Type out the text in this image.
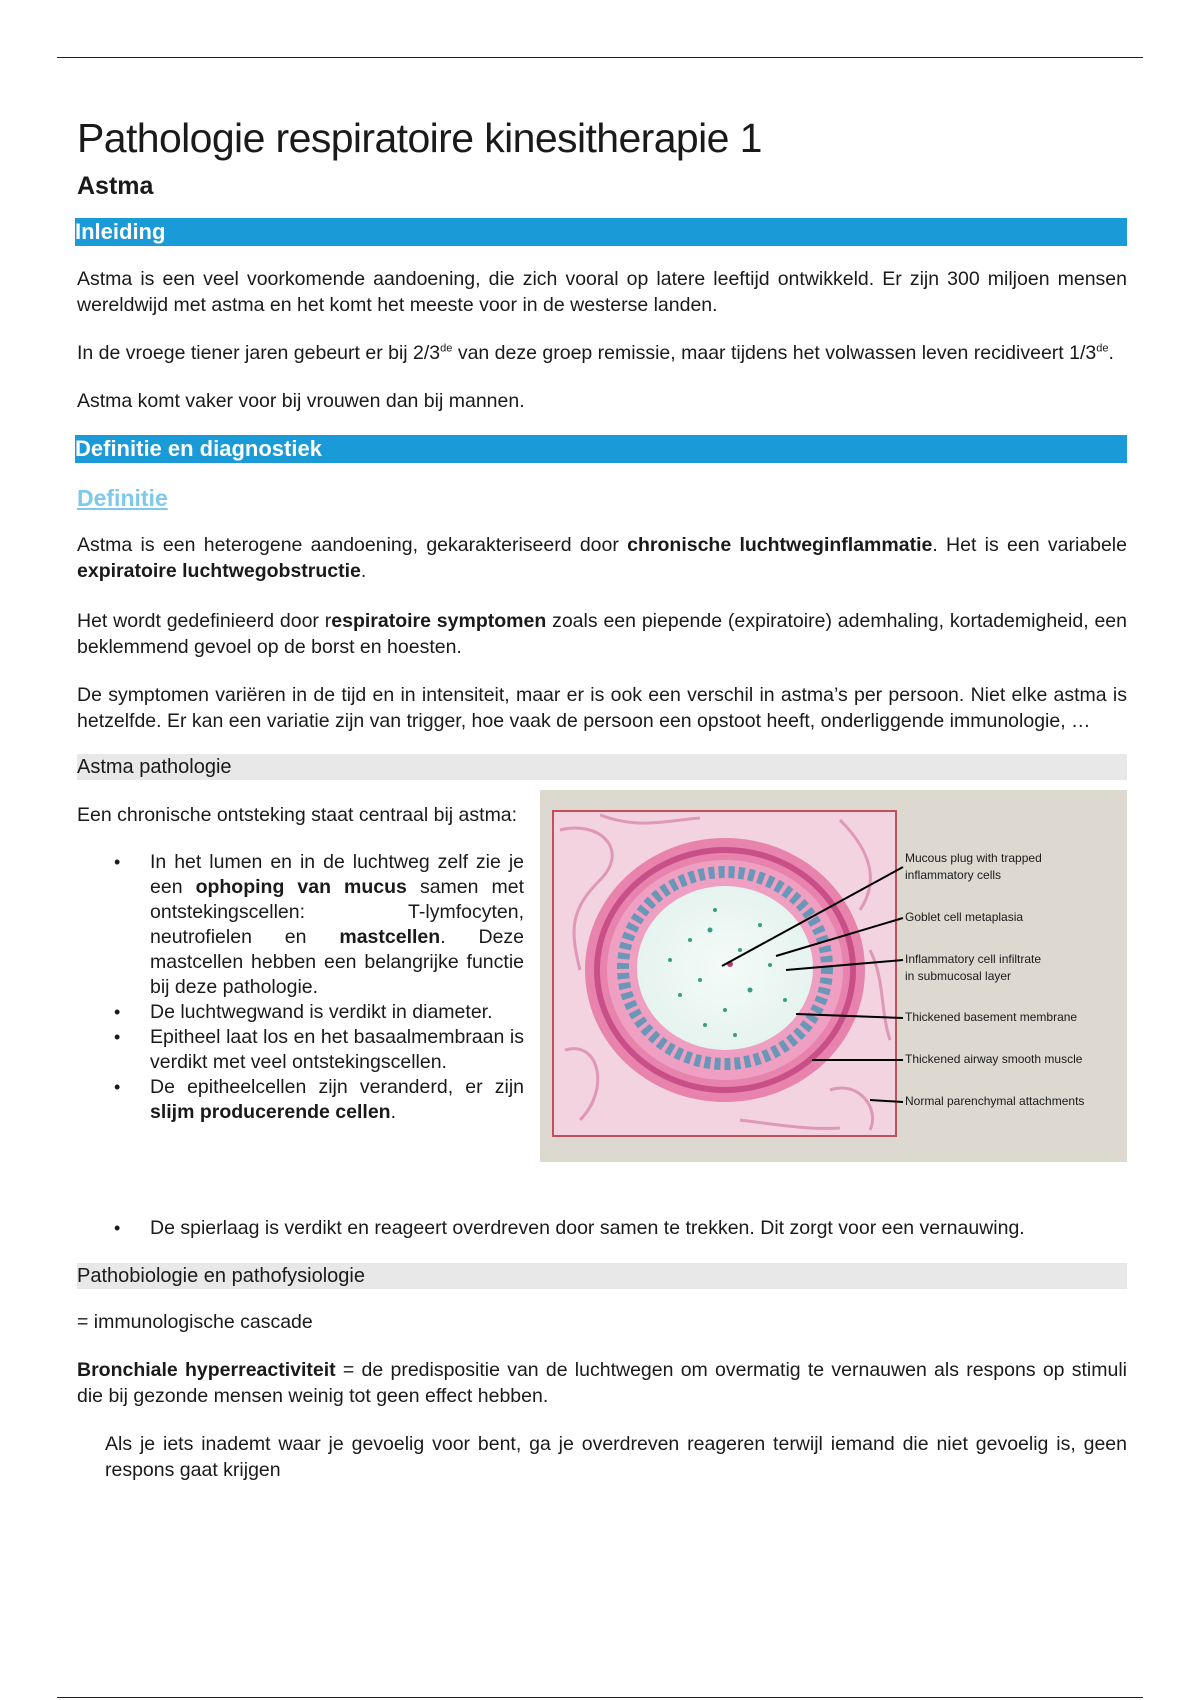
Pathologie respiratoire kinesitherapie 1
Astma
Inleiding

Astma is een veel voorkomende aandoening, die zich vooral op latere leeftijd ontwikkeld. Er zijn 300 miljoen mensen wereldwijd met astma en het komt het meeste voor in de westerse landen.

In de vroege tiener jaren gebeurt er bij 2/3de van deze groep remissie, maar tijdens het volwassen leven recidiveert 1/3de.

Astma komt vaker voor bij vrouwen dan bij mannen.

Definitie en diagnostiek
Definitie

Astma is een heterogene aandoening, gekarakteriseerd door chronische luchtweginflammatie. Het is een variabele expiratoire luchtwegobstructie.

Het wordt gedefinieerd door respiratoire symptomen zoals een piepende (expiratoire) ademhaling, kortademigheid, een beklemmend gevoel op de borst en hoesten.

De symptomen variëren in de tijd en in intensiteit, maar er is ook een verschil in astma’s per persoon. Niet elke astma is hetzelfde. Er kan een variatie zijn van trigger, hoe vaak de persoon een opstoot heeft, onderliggende immunologie, …

Astma pathologie

Een chronische ontsteking staat centraal bij astma:

• In het lumen en in de luchtweg zelf zie je een ophoping van mucus samen met ontstekingscellen: T-lymfocyten, neutrofielen en mastcellen. Deze mastcellen hebben een belangrijke functie bij deze pathologie.
• De luchtwegwand is verdikt in diameter.
• Epitheel laat los en het basaalmembraan is verdikt met veel ontstekingscellen.
• De epitheelcellen zijn veranderd, er zijn slijm producerende cellen.
Mucous plug with trapped
inflammatory cells
Goblet cell metaplasia
Inflammatory cell infiltrate
in submucosal layer
Thickened basement membrane
Thickened airway smooth muscle
Normal parenchymal attachments
• De spierlaag is verdikt en reageert overdreven door samen te trekken. Dit zorgt voor een vernauwing.
Pathobiologie en pathofysiologie

= immunologische cascade

Bronchiale hyperreactiviteit = de predispositie van de luchtwegen om overmatig te vernauwen als respons op stimuli die bij gezonde mensen weinig tot geen effect hebben.

Als je iets inademt waar je gevoelig voor bent, ga je overdreven reageren terwijl iemand die niet gevoelig is, geen respons gaat krijgen
